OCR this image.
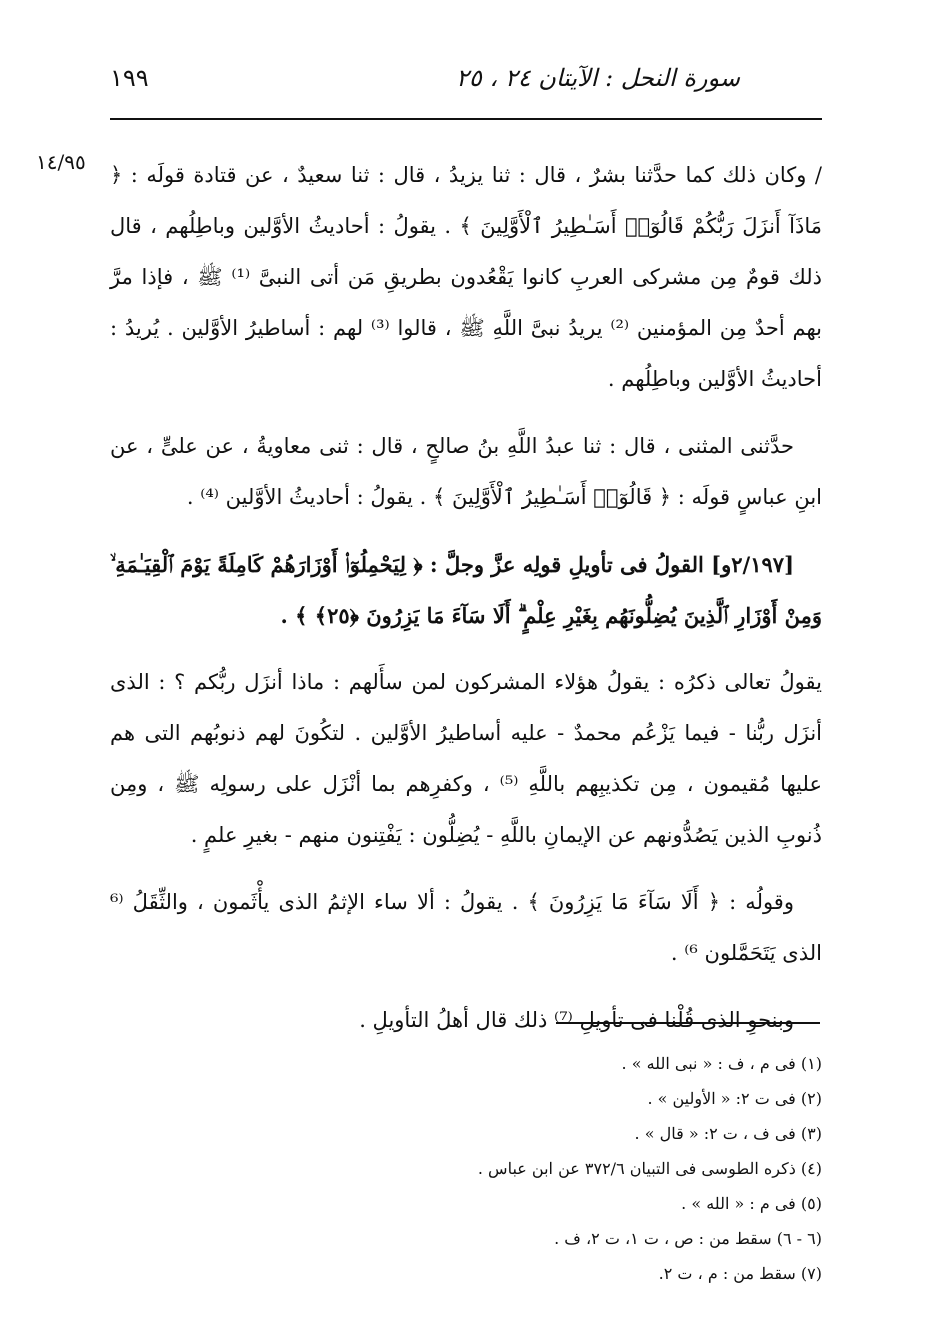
سورة النحل : الآيتان ٢٤ ، ٢٥
١٩٩
١٤/٩٥

/ وكان ذلك كما حدَّثنا بشرٌ ، قال : ثنا يزيدُ ، قال : ثنا سعيدٌ ، عن قتادة قولَه : ﴿ مَاذَآ أَنزَلَ رَبُّكُمْ قَالُوٓا۟ أَسَـٰطِيرُ ٱلْأَوَّلِينَ ﴾ . يقولُ : أحاديثُ الأوَّلين وباطِلُهم ، قال ذلك قومٌ مِن مشركى العربِ كانوا يَقْعُدون بطريقِ مَن أتى النبىَّ ⁽¹⁾ ﷺ ، فإذا مرَّ بهم أحدٌ مِن المؤمنين ⁽²⁾ يريدُ نبىَّ اللَّهِ ﷺ ، قالوا ⁽³⁾ لهم : أساطيرُ الأوَّلين . يُريدُ : أحاديثُ الأوَّلين وباطِلُهم .

حدَّثنى المثنى ، قال : ثنا عبدُ اللَّهِ بنُ صالحٍ ، قال : ثنى معاويةُ ، عن علىٍّ ، عن ابنِ عباسٍ قولَه : ﴿ قَالُوٓا۟ أَسَـٰطِيرُ ٱلْأَوَّلِينَ ﴾ . يقولُ : أحاديثُ الأوَّلين ⁽⁴⁾ .

[٢/١٩٧و] القولُ فى تأويلِ قولِه عزَّ وجلَّ : ﴿ لِيَحْمِلُوٓا۟ أَوْزَارَهُمْ كَامِلَةً يَوْمَ ٱلْقِيَـٰمَةِ ۙ وَمِنْ أَوْزَارِ ٱلَّذِينَ يُضِلُّونَهُم بِغَيْرِ عِلْمٍ ۗ أَلَا سَآءَ مَا يَزِرُونَ ﴿٢٥﴾ ﴾ .

يقولُ تعالى ذكرُه : يقولُ هؤلاء المشركون لمن سأَلهم : ماذا أنزَل ربُّكم ؟ : الذى أنزَل ربُّنا - فيما يَزْعُم محمدٌ - عليه أساطيرُ الأوَّلين . لتكُونَ لهم ذنوبُهم التى هم عليها مُقيمون ، مِن تكذيبِهم باللَّهِ ⁽⁵⁾ ، وكفرِهم بما أنْزَل على رسولِه ﷺ ، ومِن ذُنوبِ الذين يَصُدُّونهم عن الإيمانِ باللَّهِ - يُضِلُّون : يَفْتِنون منهم - بغيرِ علمٍ .

وقولُه : ﴿ أَلَا سَآءَ مَا يَزِرُونَ ﴾ . يقولُ : ألا ساء الإثمُ الذى يأْثَمون ، والثِّقَلُ ⁽⁶ الذى يَتَحَمَّلون ⁶⁾ .

وبنحوِ الذى قُلْنا فى تأويلِ ⁽⁷⁾ ذلك قال أهلُ التأويلِ .

(١) فى م ، ف : « نبى الله » .

(٢) فى ت ٢: « الأولين » .

(٣) فى ف ، ت ٢: « قال » .

(٤) ذكره الطوسى فى التبيان ٣٧٢/٦ عن ابن عباس .

(٥) فى م : « الله » .

(٦ - ٦) سقط من : ص ، ت ١، ت ٢، ف .

(٧) سقط من : م ، ت ٢.
